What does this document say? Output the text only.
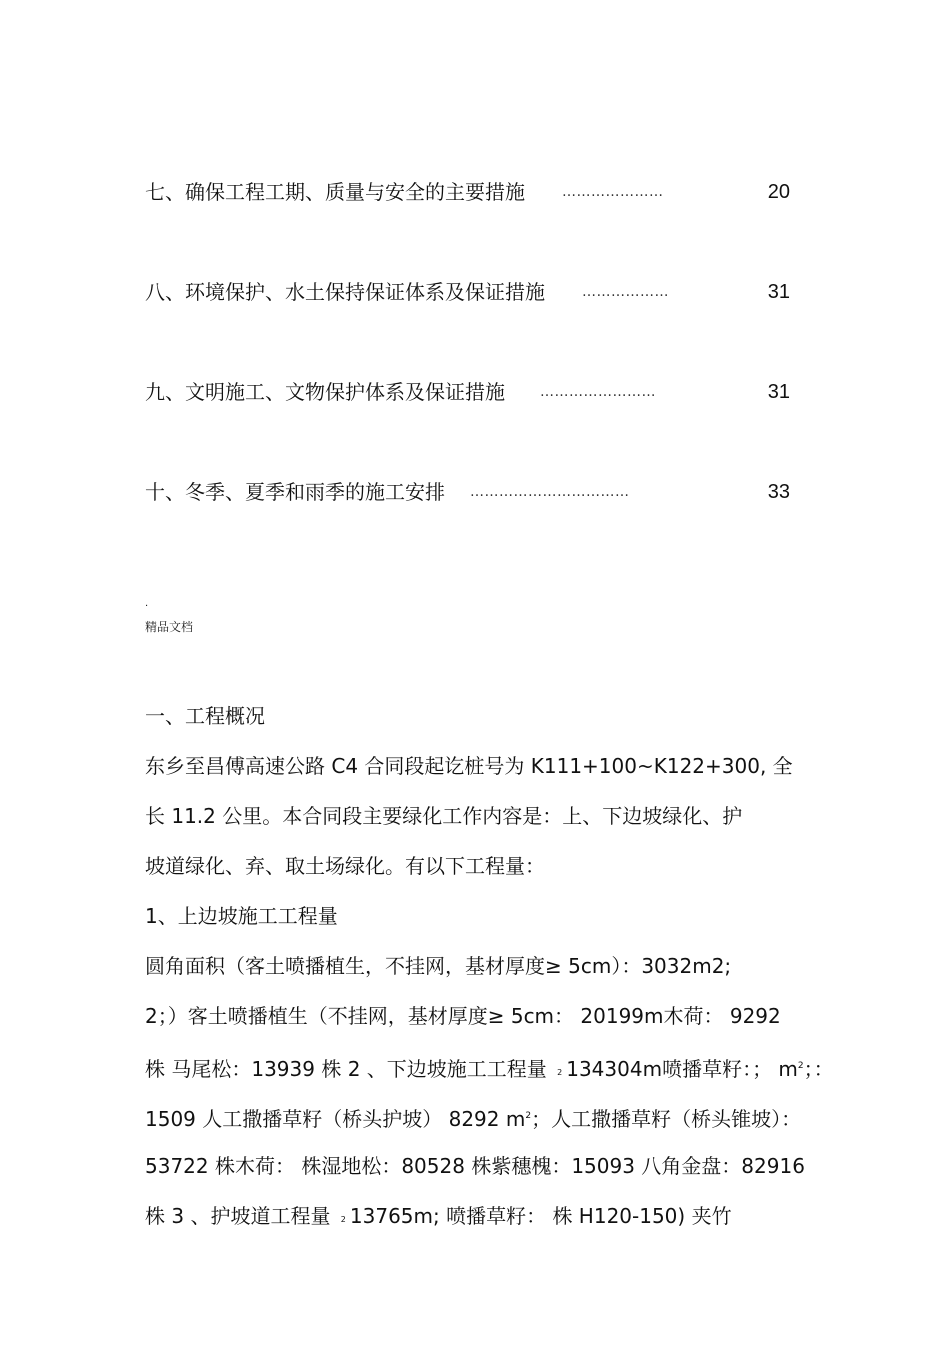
七、确保工程工期、质量与安全的主要措施	…………………	20
八、环境保护、水土保持保证体系及保证措施	………………	31
九、文明施工、文物保护体系及保证措施	……………………	31
十、冬季、夏季和雨季的施工安排 ……………………………	33
.
精品文档
一、工程概况
东乡至昌傅高速公路 C4 合同段起讫桩号为 K111+100~K122+300, 全
长 11.2 公里。本合同段主要绿化工作内容是：上、下边坡绿化、护
坡道绿化、弃、取土场绿化。有以下工程量：
1、上边坡施工工程量
圆角面积（客土喷播植生，不挂网，基材厚度≥ 5cm）：3032m2;
2；）客土喷播植生（不挂网，基材厚度≥ 5cm： 20199m木荷： 9292
株 马尾松：13939 株 2 、下边坡施工工程量 2 134304m喷播草籽：； $m^2$；：
1509 人工撒播草籽（桥头护坡） 8292 $m^2$；人工撒播草籽（桥头锥坡）：
53722 株木荷： 株湿地松：80528 株紫穗槐：15093 八角金盘：82916
株 3 、护坡道工程量 2 13765m; 喷播草籽： 株 H120-150) 夹竹
